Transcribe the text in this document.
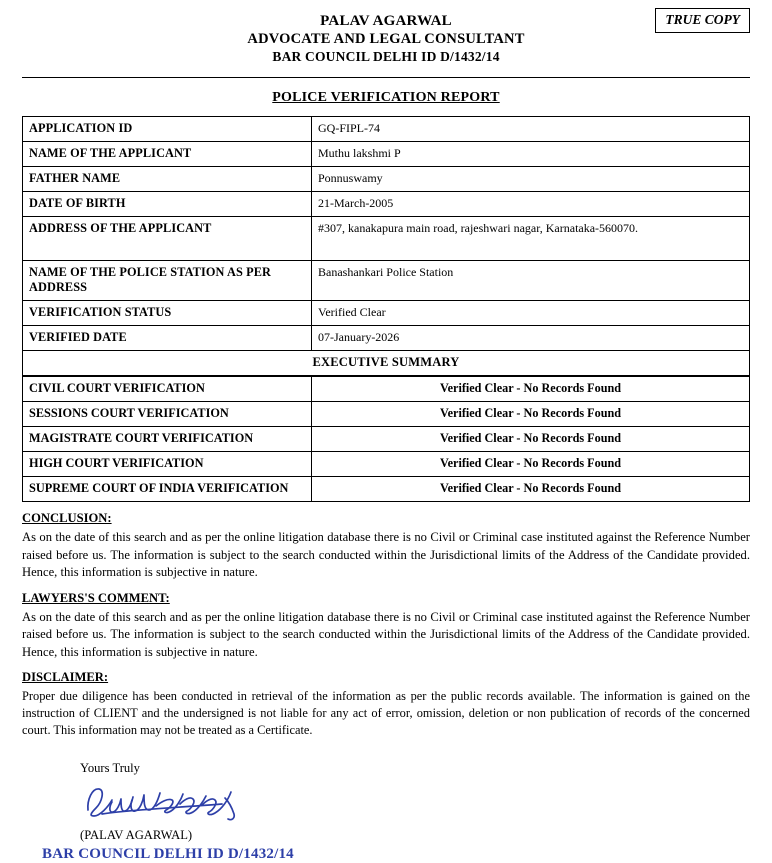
PALAV AGARWAL
ADVOCATE AND LEGAL CONSULTANT
BAR COUNCIL DELHI ID D/1432/14
TRUE COPY
POLICE VERIFICATION REPORT
APPLICATION ID	GQ-FIPL-74
NAME OF THE APPLICANT	Muthu lakshmi P
FATHER NAME	Ponnuswamy
DATE OF BIRTH	21-March-2005
ADDRESS OF THE APPLICANT	#307, kanakapura main road, rajeshwari nagar, Karnataka-560070.
NAME OF THE POLICE STATION AS PER ADDRESS	Banashankari Police Station
VERIFICATION STATUS	Verified Clear
VERIFIED DATE	07-January-2026
EXECUTIVE SUMMARY
CIVIL COURT VERIFICATION	Verified Clear - No Records Found
SESSIONS COURT VERIFICATION	Verified Clear - No Records Found
MAGISTRATE COURT VERIFICATION	Verified Clear - No Records Found
HIGH COURT VERIFICATION	Verified Clear - No Records Found
SUPREME COURT OF INDIA VERIFICATION	Verified Clear - No Records Found
CONCLUSION:
As on the date of this search and as per the online litigation database there is no Civil or Criminal case instituted against the Reference Number raised before us. The information is subject to the search conducted within the Jurisdictional limits of the Address of the Candidate provided. Hence, this information is subjective in nature.
LAWYERS'S COMMENT:
As on the date of this search and as per the online litigation database there is no Civil or Criminal case instituted against the Reference Number raised before us. The information is subject to the search conducted within the Jurisdictional limits of the Address of the Candidate provided. Hence, this information is subjective in nature.
DISCLAIMER:
Proper due diligence has been conducted in retrieval of the information as per the public records available. The information is gained on the instruction of CLIENT and the undersigned is not liable for any act of error, omission, deletion or non publication of records of the concerned court. This information may not be treated as a Certificate.
Yours Truly
(PALAV AGARWAL)
BAR COUNCIL DELHI ID D/1432/14
